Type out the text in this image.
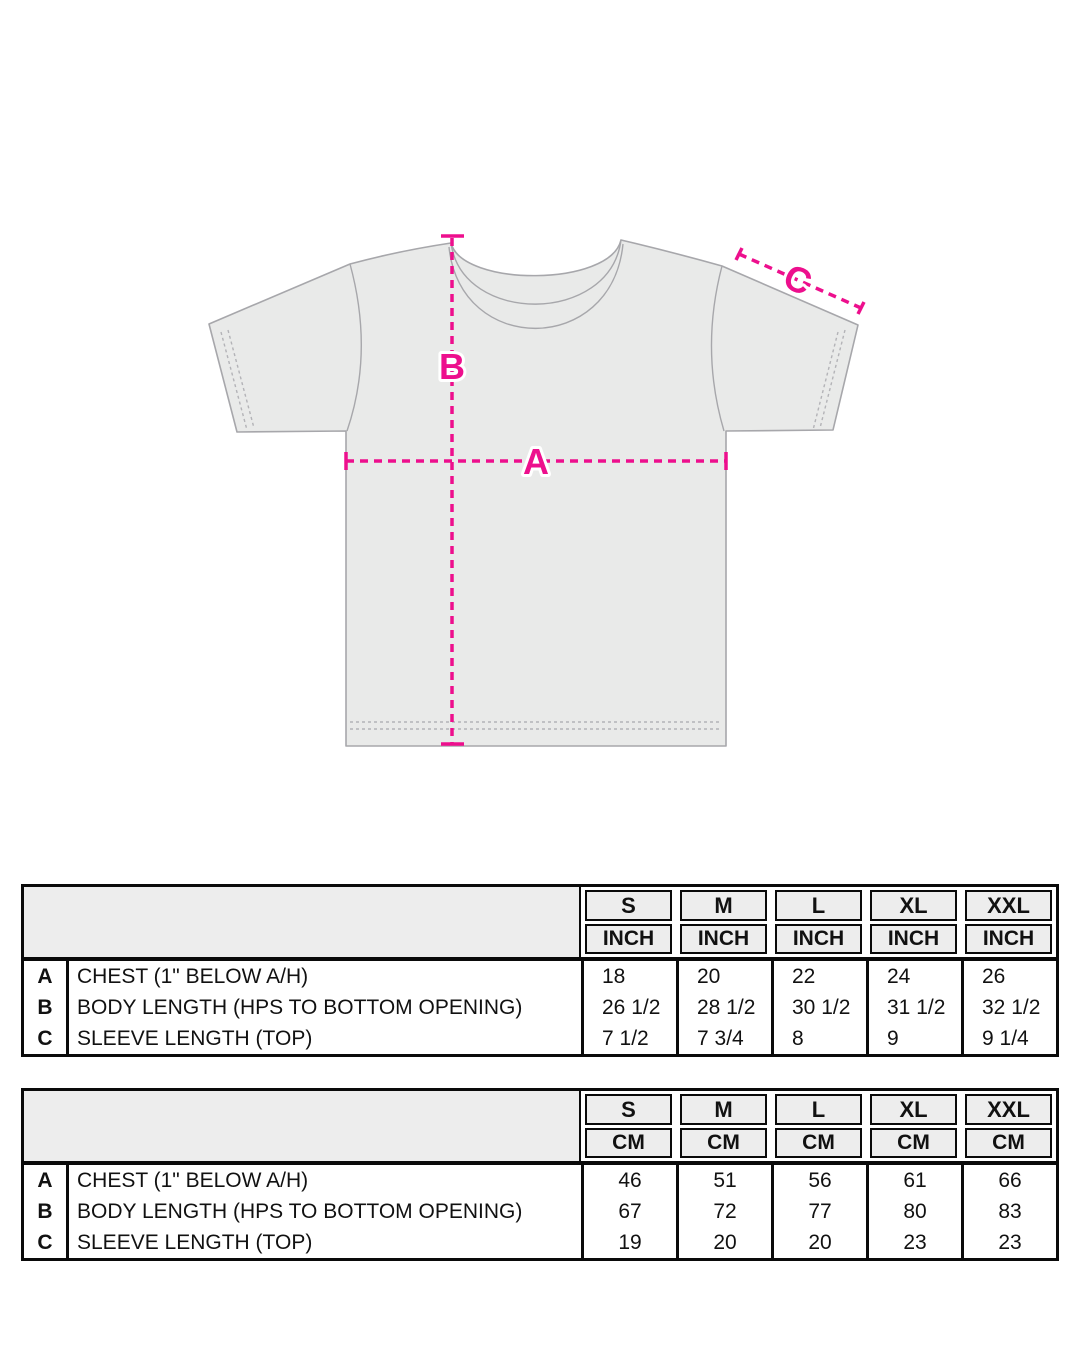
A
B
C
S
INCH
M
INCH
L
INCH
XL
INCH
XXL
INCH
A
B
C
CHEST (1" BELOW A/H)
BODY LENGTH (HPS TO BOTTOM OPENING)
SLEEVE LENGTH (TOP)
18
26 1/2
7 1/2
20
28 1/2
7 3/4
22
30 1/2
8
24
31 1/2
9
26
32 1/2
9 1/4
S
CM
M
CM
L
CM
XL
CM
XXL
CM
A
B
C
CHEST (1" BELOW A/H)
BODY LENGTH (HPS TO BOTTOM OPENING)
SLEEVE LENGTH (TOP)
46
67
19
51
72
20
56
77
20
61
80
23
66
83
23
